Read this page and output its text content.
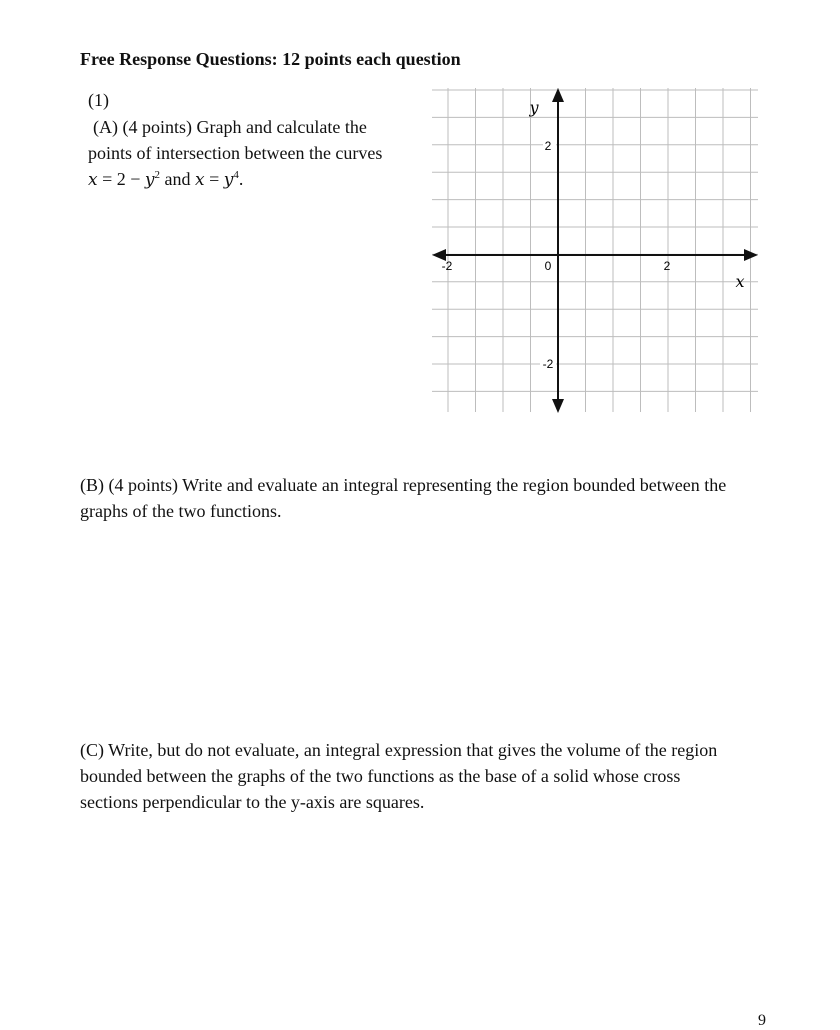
Free Response Questions: 12 points each question
(1)
(A) (4 points) Graph and calculate the
points of intersection between the curves
$x = 2 - y^2$ and $x = y^4$.
2
-2
0
-2	2
y
x
(B) (4 points) Write and evaluate an integral representing the region bounded between the
graphs of the two functions.
(C) Write, but do not evaluate, an integral expression that gives the volume of the region
bounded between the graphs of the two functions as the base of a solid whose cross
sections perpendicular to the y-axis are squares.
9
